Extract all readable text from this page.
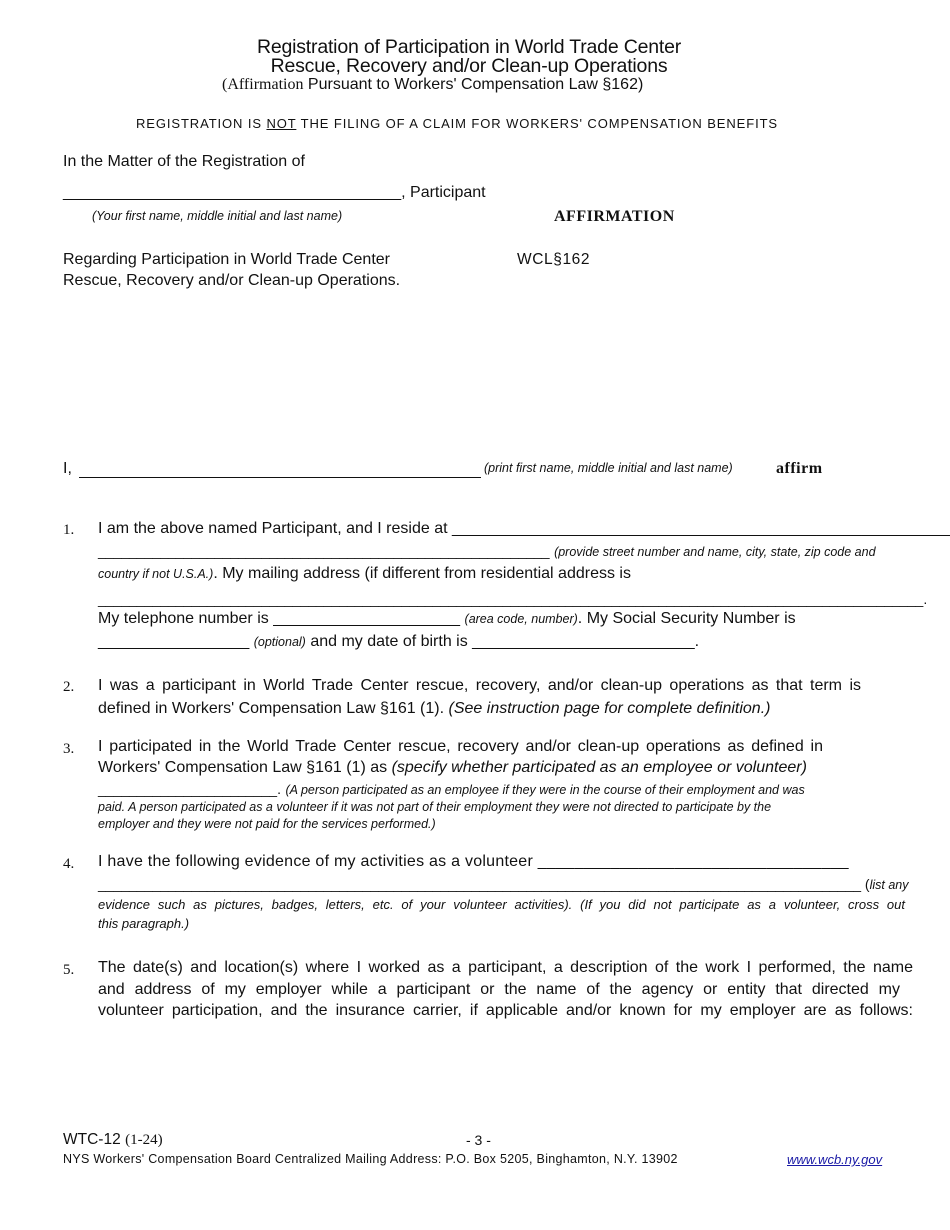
Registration of Participation in World Trade Center
Rescue, Recovery and/or Clean-up Operations
(Affirmation Pursuant to Workers' Compensation Law §162)
REGISTRATION IS NOT THE FILING OF A CLAIM FOR WORKERS' COMPENSATION BENEFITS
In the Matter of the Registration of
______________________________________, Participant
(Your first name, middle initial and last name)	AFFIRMATION
Regarding Participation in World Trade Center
Rescue, Recovery and/or Clean-up Operations.
WCL§162
I,	(print first name, middle initial and last name)	affirm
1. I am the above named Participant, and I reside at ________________________________________________________
__________________________________________________________ (provide street number and name, city, state, zip code and
country if not U.S.A.). My mailing address (if different from residential address is
__________________________________________________________________________________________________________.
My telephone number is _____________________ (area code, number). My Social Security Number is
_________________ (optional) and my date of birth is _________________________.
2. I was a participant in World Trade Center rescue, recovery, and/or clean-up operations as that term is
defined in Workers' Compensation Law §161 (1). (See instruction page for complete definition.)
3. I participated in the World Trade Center rescue, recovery and/or clean-up operations as defined in
Workers' Compensation Law §161 (1) as (specify whether participated as an employee or volunteer)
_______________________. (A person participated as an employee if they were in the course of their employment and was
paid. A person participated as a volunteer if it was not part of their employment they were not directed to participate by the
employer and they were not paid for the services performed.)
4. I have the following evidence of my activities as a volunteer __________________________________
__________________________________________________________________________________________________ (list any
evidence such as pictures, badges, letters, etc. of your volunteer activities). (If you did not participate as a volunteer, cross out
this paragraph.)
5. The date(s) and location(s) where I worked as a participant, a description of the work I performed, the name
and address of my employer while a participant or the name of the agency or entity that directed my
volunteer participation, and the insurance carrier, if applicable and/or known for my employer are as follows:
WTC-12 (1-24)	- 3 -
NYS Workers' Compensation Board Centralized Mailing Address: P.O. Box 5205, Binghamton, N.Y. 13902	www.wcb.ny.gov
